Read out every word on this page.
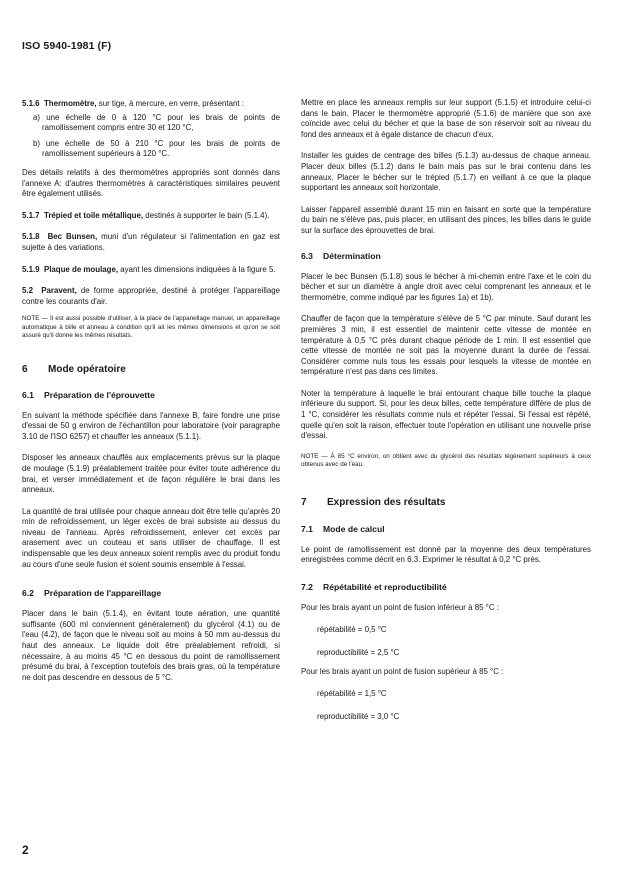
ISO 5940-1981 (F)

5.1.6 Thermomètre, sur tige, à mercure, en verre, présentant :

a) une échelle de 0 à 120 °C pour les brais de points de ramollissement compris entre 30 et 120 °C,

b) une échelle de 50 à 210 °C pour les brais de points de ramollissement supérieurs à 120 °C.

Des détails relatifs à des thermomètres appropriés sont donnés dans l'annexe A: d'autres thermomètres à caractéristiques similaires peuvent être également utilisés.

5.1.7 Trépied et toile métallique, destinés à supporter le bain (5.1.4).

5.1.8 Bec Bunsen, muni d'un régulateur si l'alimentation en gaz est sujette à des variations.

5.1.9 Plaque de moulage, ayant les dimensions indiquées à la figure 5.

5.2 Paravent, de forme appropriée, destiné à protéger l'appareillage contre les courants d'air.

NOTE — Il est aussi possible d'utiliser, à la place de l'appareillage manuel, un appareillage automatique à bille et anneau à condition qu'il ait les mêmes dimensions et qu'on se soit assuré qu'il donne les mêmes résultats.

6 Mode opératoire
6.1 Préparation de l'éprouvette

En suivant la méthode spécifiée dans l'annexe B, faire fondre une prise d'essai de 50 g environ de l'échantillon pour laboratoire (voir paragraphe 3.10 de l'ISO 6257) et chauffer les anneaux (5.1.1).

Disposer les anneaux chauffés aux emplacements prévus sur la plaque de moulage (5.1.9) préalablement traitée pour éviter toute adhérence du brai, et verser immédiatement et de façon régulière le brai dans les anneaux.

La quantité de brai utilisée pour chaque anneau doit être telle qu'après 20 min de refroidissement, un léger excès de brai subsiste au dessus du niveau de l'anneau. Après refroidissement, enlever cet excès par arasement avec un couteau et sans utiliser de chauffage. Il est indispensable que les deux anneaux soient remplis avec du produit fondu au cours d'une seule fusion et soient soumis ensemble à l'essai.

6.2 Préparation de l'appareillage

Placer dans le bain (5.1.4), en évitant toute aération, une quantité suffisante (600 ml conviennent généralement) du glycérol (4.1) ou de l'eau (4.2), de façon que le niveau soit au moins à 50 mm au-dessus du haut des anneaux. Le liquide doit être préalablement refroidi, si nécessaire, à au moins 45 °C en dessous du point de ramollissement présumé du brai, à l'exception toutefois des brais gras, où la température ne doit pas descendre en dessous de 5 °C.

Mettre en place les anneaux remplis sur leur support (5.1.5) et introduire celui-ci dans le bain. Placer le thermomètre approprié (5.1.6) de manière que son axe coïncide avec celui du bécher et que la base de son réservoir soit au niveau du fond des anneaux et à égale distance de chacun d'eux.

Installer les guides de centrage des billes (5.1.3) au-dessus de chaque anneau. Placer deux billes (5.1.2) dans le bain mais pas sur le brai contenu dans les anneaux. Placer le bécher sur le trépied (5.1.7) en veillant à ce que la plaque supportant les anneaux soit horizontale.

Laisser l'appareil assemblé durant 15 min en faisant en sorte que la température du bain ne s'élève pas, puis placer, en utilisant des pinces, les billes dans le guide sur la surface des éprouvettes de brai.

6.3 Détermination

Placer le bec Bunsen (5.1.8) sous le bécher à mi-chemin entre l'axe et le coin du bécher et sur un diamètre à angle droit avec celui comprenant les anneaux et le thermomètre, comme indiqué par les figures 1a) et 1b).

Chauffer de façon que la température s'élève de 5 °C par minute. Sauf durant les premières 3 min, il est essentiel de maintenir cette vitesse de montée en température à 0,5 °C près durant chaque période de 1 min. Il est essentiel que cette vitesse de montée ne soit pas la moyenne durant la durée de l'essai. Considérer comme nuls tous les essais pour lesquels la vitesse de montée en température n'est pas dans ces limites.

Noter la température à laquelle le brai entourant chaque bille touche la plaque inférieure du support. Si, pour les deux billes, cette température diffère de plus de 1 °C, considérer les résultats comme nuls et répéter l'essai. Si l'essai est répété, quelle qu'en soit la raison, effectuer toute l'opération en utilisant une nouvelle prise d'essai.

NOTE — À 85 °C environ, on obtient avec du glycérol des résultats légèrement supérieurs à ceux obtenus avec de l'eau.

7 Expression des résultats
7.1 Mode de calcul

Le point de ramollissement est donné par la moyenne des deux températures enregistrées comme décrit en 6.3. Exprimer le résultat à 0,2 °C près.

7.2 Répétabilité et reproductibilité

Pour les brais ayant un point de fusion inférieur à 85 °C :

répétabilité = 0,5 °C
reproductibilité = 2,5 °C

Pour les brais ayant un point de fusion supérieur à 85 °C :

répétabilité = 1,5 °C
reproductibilité = 3,0 °C
2
